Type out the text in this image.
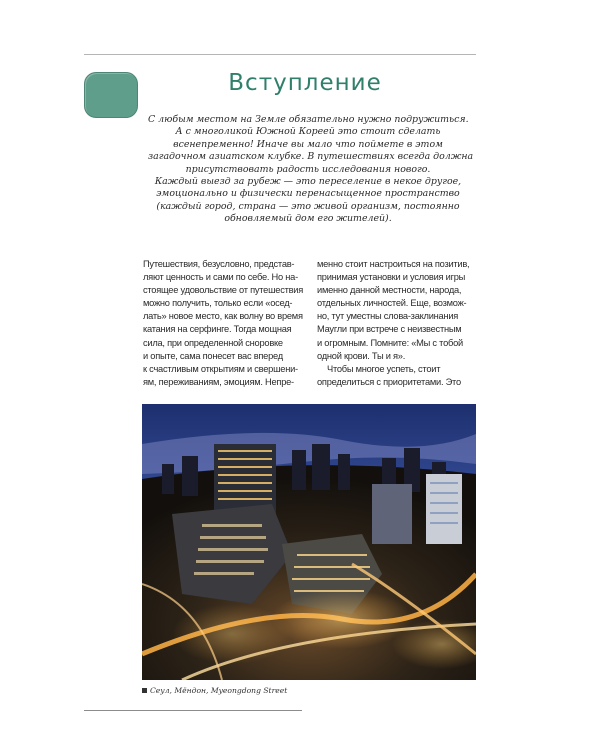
Вступление
С любым местом на Земле обязательно нужно подружиться.
А с многоликой Южной Кореей это стоит сделать
всенепременно! Иначе вы мало что поймете в этом
загадочном азиатском клубке. В путешествиях всегда должна
присутствовать радость исследования нового.
Каждый выезд за рубеж — это переселение в некое другое,
эмоционально и физически перенасыщенное пространство
(каждый город, страна — это живой организм, постоянно
обновляемый дом его жителей).
Путешествия, безусловно, представ-
ляют ценность и сами по себе. Но на-
стоящее удовольствие от путешествия
можно получить, только если «осед-
лать» новое место, как волну во время
катания на серфинге. Тогда мощная
сила, при определенной сноровке
и опыте, сама понесет вас вперед
к счастливым открытиям и свершени-
ям, переживаниям, эмоциям. Непре-
менно стоит настроиться на позитив,
принимая установки и условия игры
именно данной местности, народа,
отдельных личностей. Еще, возмож-
но, тут уместны слова-заклинания
Маугли при встрече с неизвестным
и огромным. Помните: «Мы с тобой
одной крови. Ты и я».
Чтобы многое успеть, стоит
определиться с приоритетами. Это
Сеул, Мёндон, Myeongdong Street
